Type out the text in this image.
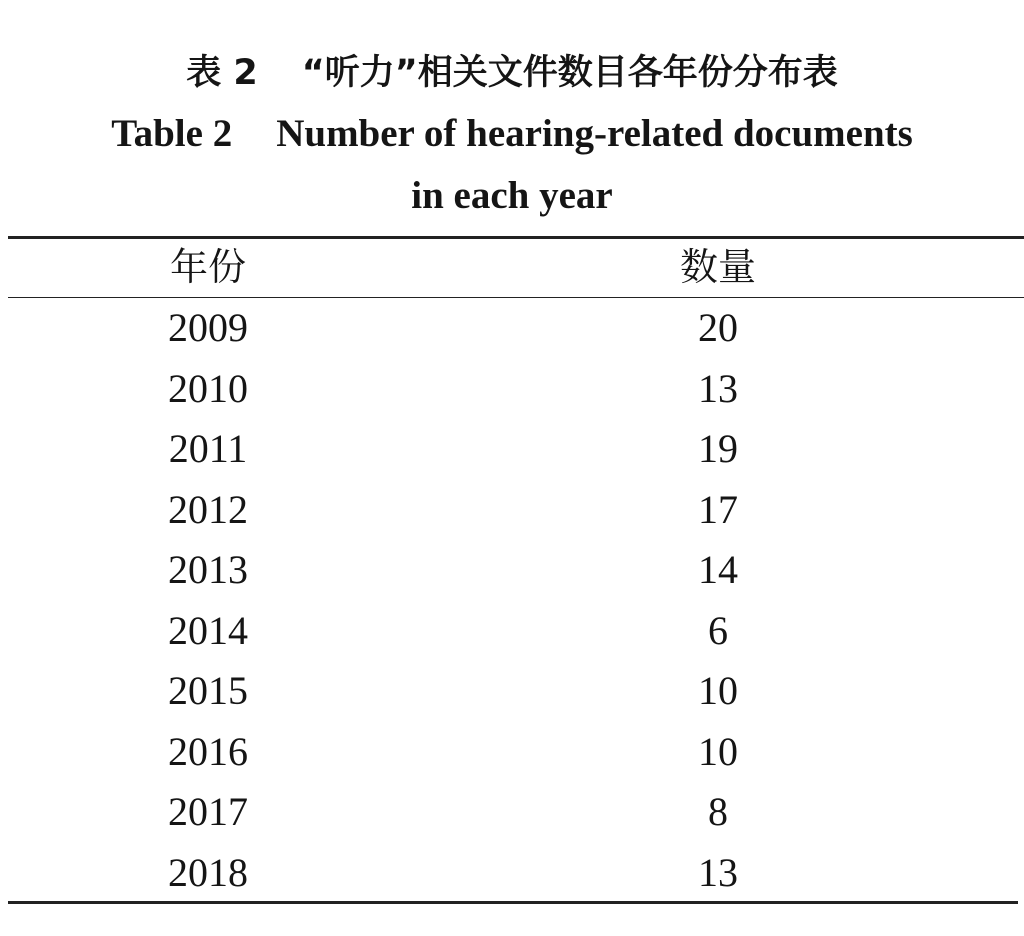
表 2 “听力”相关文件数目各年份分布表
Table 2 Number of hearing-related documents
in each year
年份	数量
2009	20
2010	13
2011	19
2012	17
2013	14
2014	6
2015	10
2016	10
2017	8
2018	13
